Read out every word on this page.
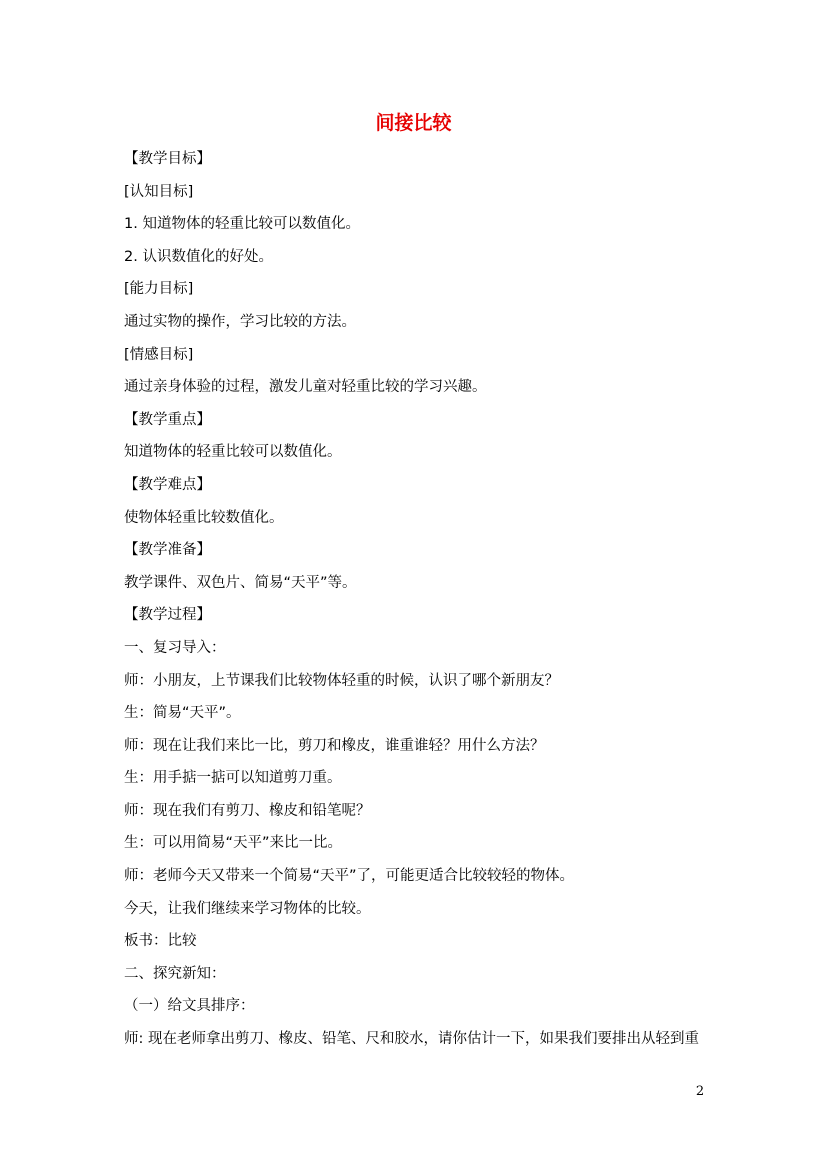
间接比较
【教学目标】
[认知目标]
1. 知道物体的轻重比较可以数值化。
2. 认识数值化的好处。
[能力目标]
通过实物的操作，学习比较的方法。
[情感目标]
通过亲身体验的过程，激发儿童对轻重比较的学习兴趣。
【教学重点】
知道物体的轻重比较可以数值化。
【教学难点】
使物体轻重比较数值化。
【教学准备】
教学课件、双色片、简易“天平”等。
【教学过程】
一、复习导入：
师：小朋友，上节课我们比较物体轻重的时候，认识了哪个新朋友？
生：简易“天平”。
师：现在让我们来比一比，剪刀和橡皮，谁重谁轻？用什么方法？
生：用手掂一掂可以知道剪刀重。
师：现在我们有剪刀、橡皮和铅笔呢？
生：可以用简易“天平”来比一比。
师：老师今天又带来一个简易“天平”了，可能更适合比较较轻的物体。
今天，让我们继续来学习物体的比较。
板书：比较
二、探究新知：
（一）给文具排序：
师: 现在老师拿出剪刀、橡皮、铅笔、尺和胶水，请你估计一下，如果我们要排出从轻到重
2
